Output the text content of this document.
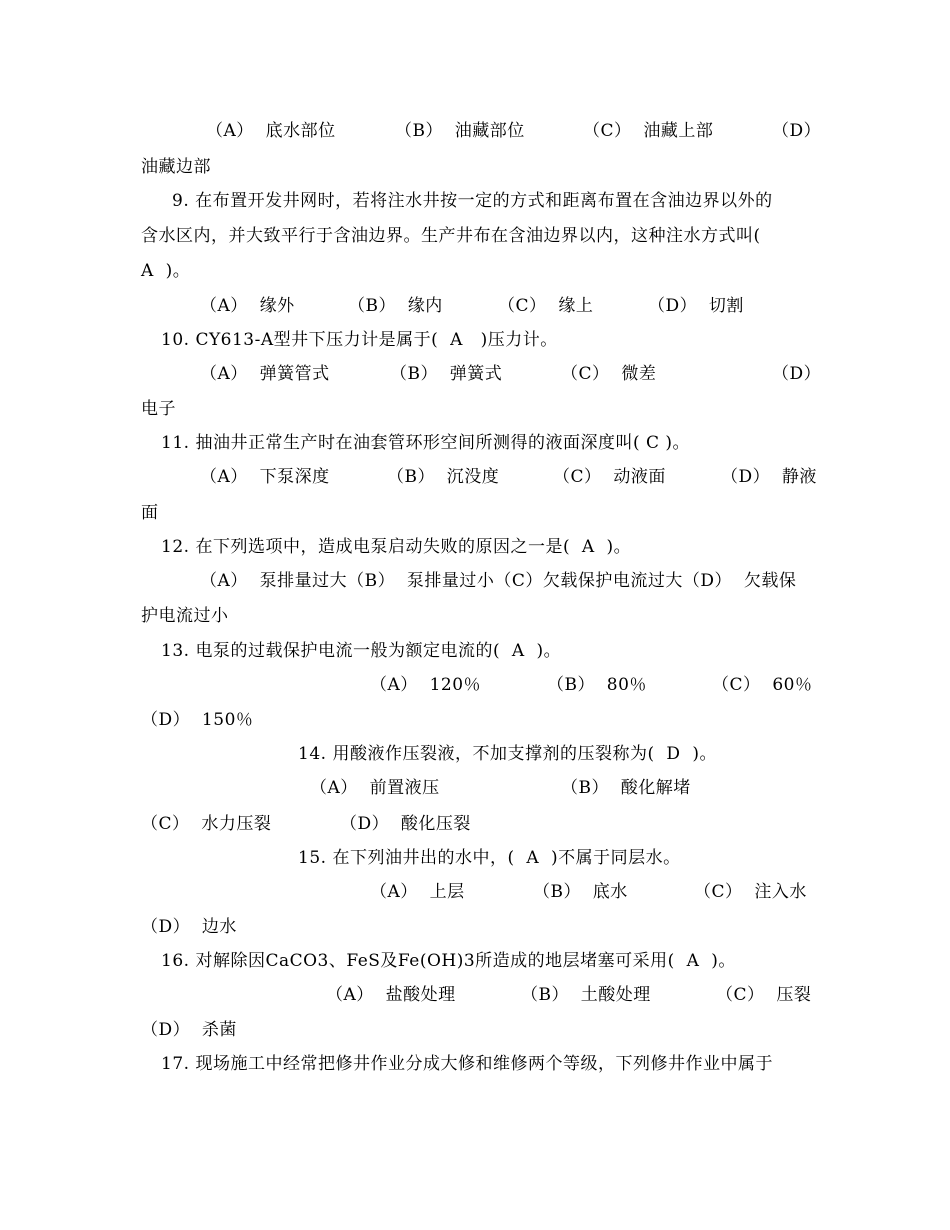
（A）  底水部位	（B）  油藏部位	（C）  油藏上部	（D）
油藏边部
9. 在布置开发井网时，若将注水井按一定的方式和距离布置在含油边界以外的
含水区内，并大致平行于含油边界。生产井布在含油边界以内，这种注水方式叫(
A  )。
（A）  缘外	（B）  缘内	（C）  缘上	（D）  切割
10. CY613-A型井下压力计是属于(  A   )压力计。
（A）  弹簧管式	（B）  弹簧式	（C）  微差	（D）
电子
11. 抽油井正常生产时在油套管环形空间所测得的液面深度叫( C )。
（A）  下泵深度	（B）  沉没度	（C）  动液面	（D）  静液
面
12. 在下列选项中，造成电泵启动失败的原因之一是(  A  )。
（A）  泵排量过大（B）  泵排量过小（C）欠载保护电流过大（D）  欠载保
护电流过小
13. 电泵的过载保护电流一般为额定电流的(  A  )。
（A）  120％	（B）  80％	（C）  60％
（D）  150％
14. 用酸液作压裂液，不加支撑剂的压裂称为(  D  )。
（A）  前置液压	（B）  酸化解堵
（C）  水力压裂	（D）  酸化压裂
15. 在下列油井出的水中，(  A  )不属于同层水。
（A）  上层	（B）  底水	（C）  注入水
（D）  边水
16. 对解除因CaCO3、FeS及Fe(OH)3所造成的地层堵塞可采用(  A  )。
（A）  盐酸处理	（B）  土酸处理	（C）  压裂
（D）  杀菌
17. 现场施工中经常把修井作业分成大修和维修两个等级，下列修井作业中属于
